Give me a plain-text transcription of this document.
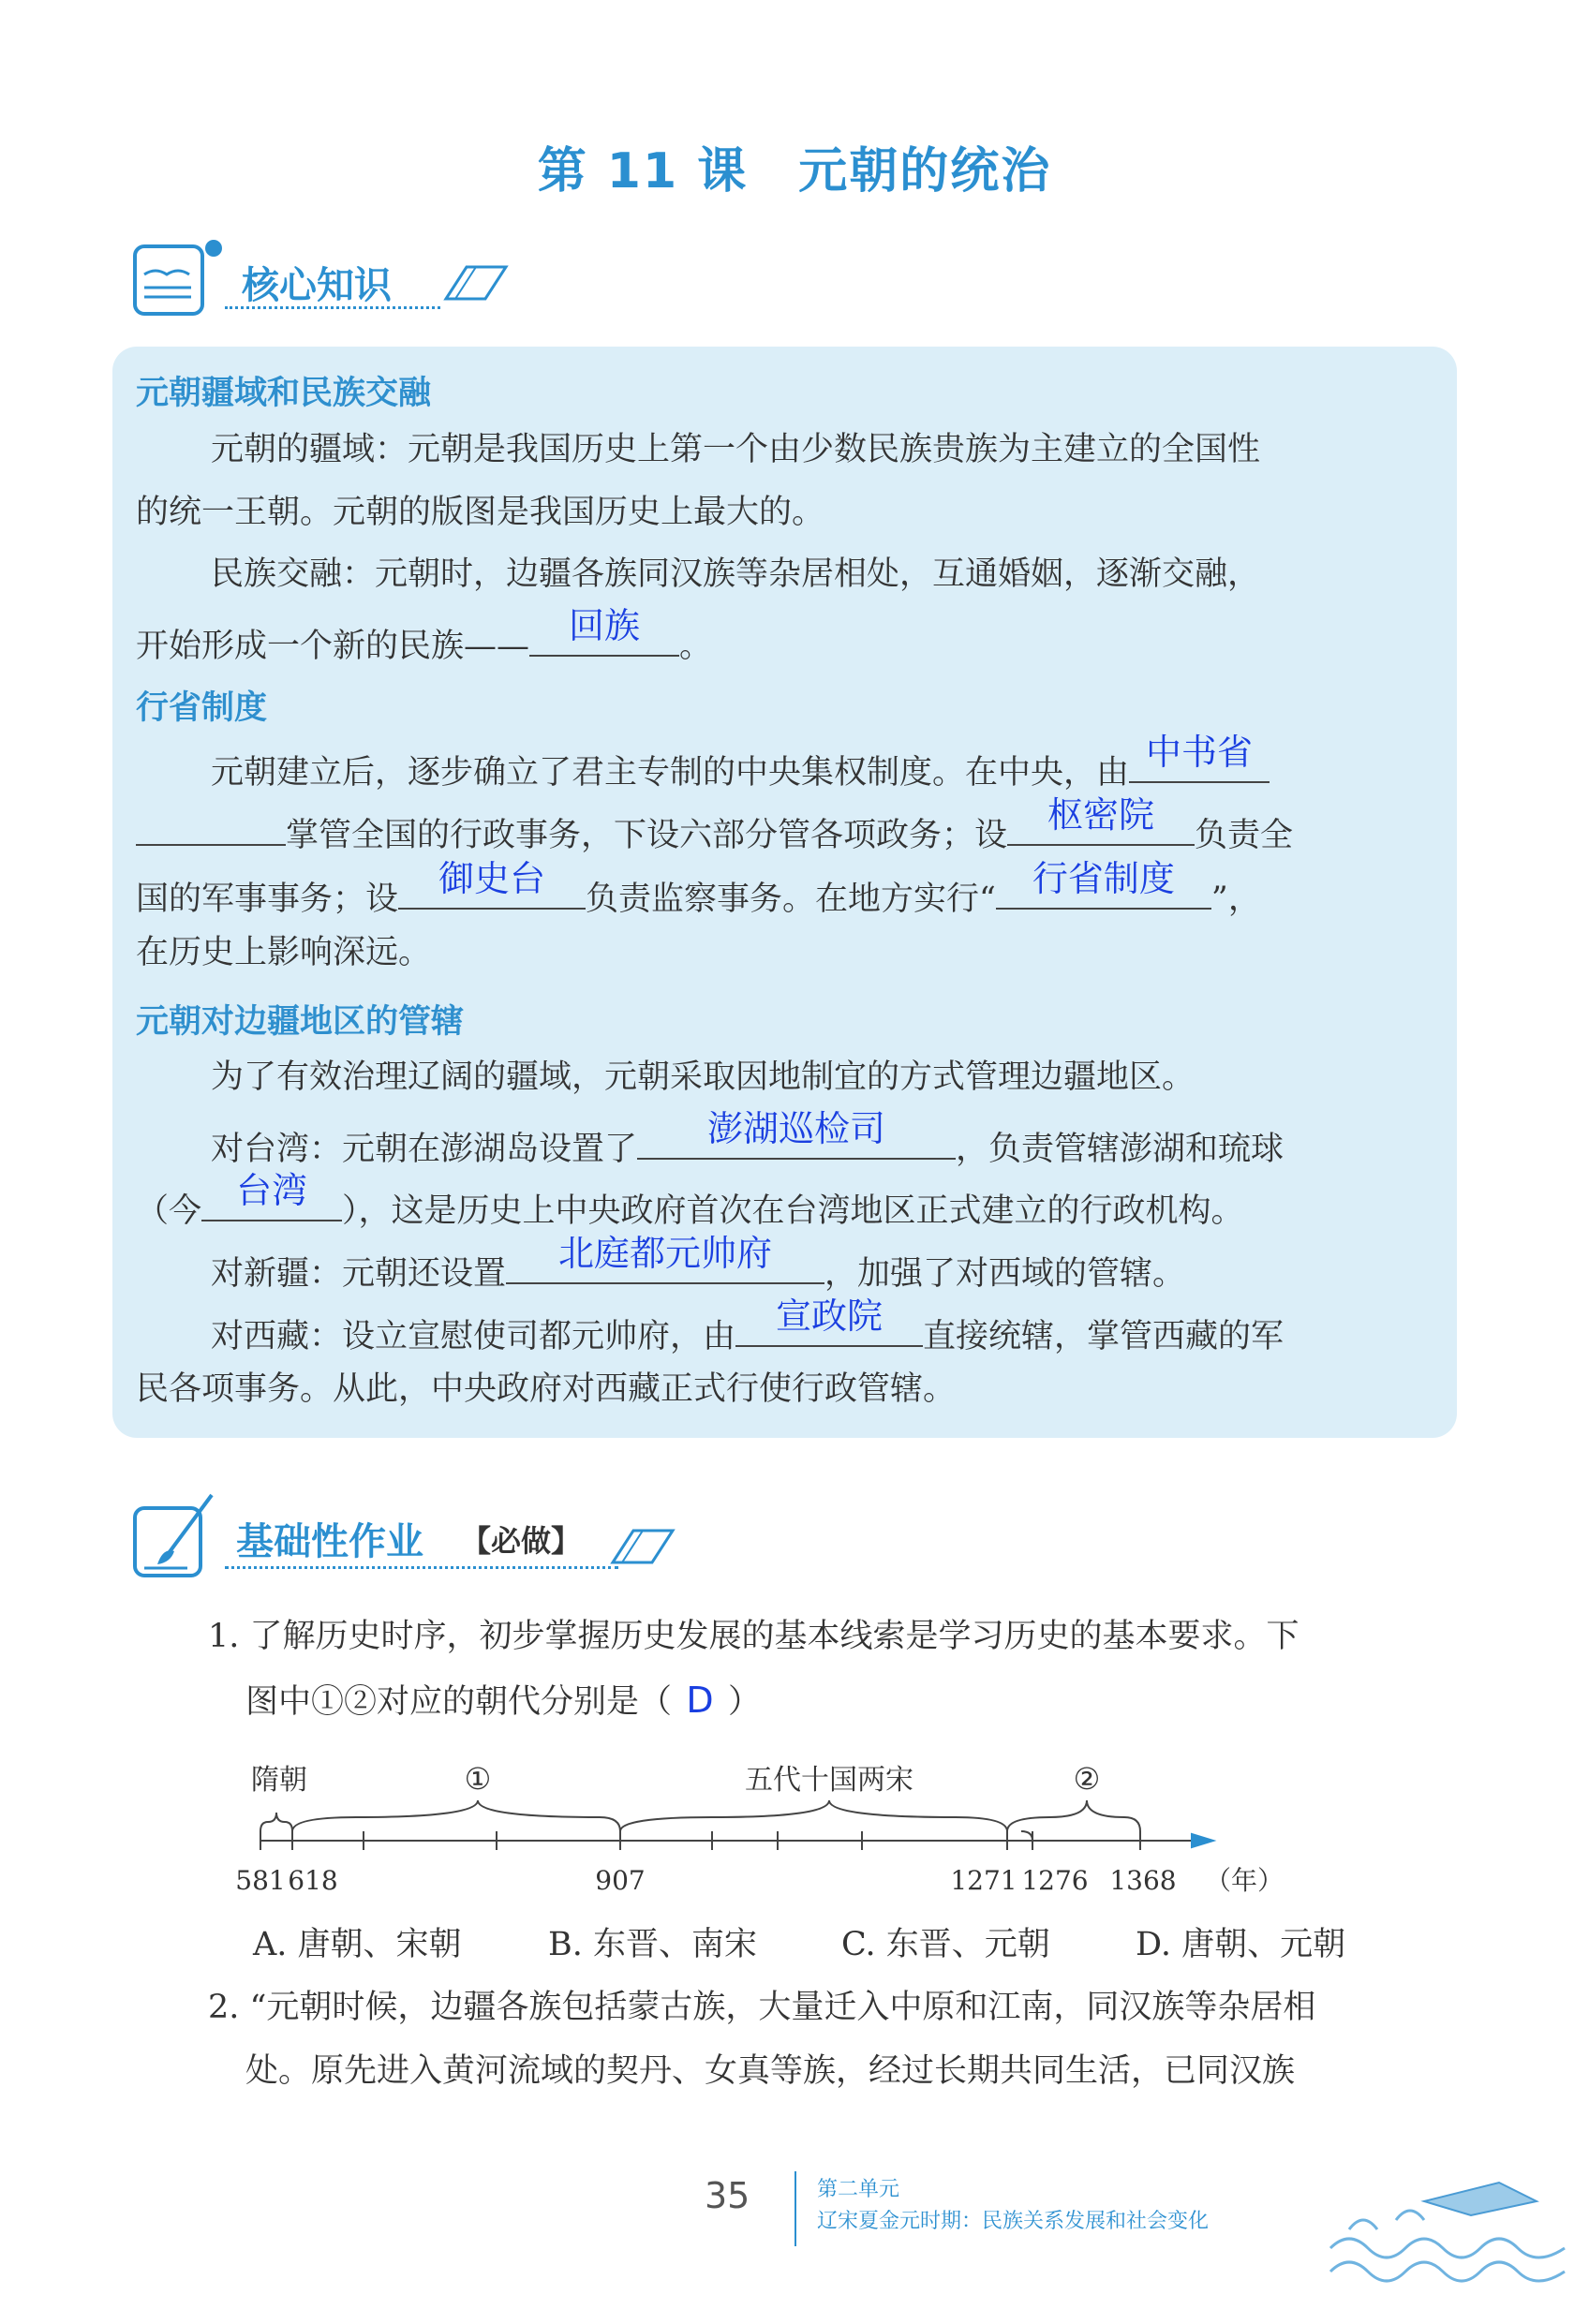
第 11 课　元朝的统治
核心知识
元朝疆域和民族交融
元朝的疆域：元朝是我国历史上第一个由少数民族贵族为主建立的全国性
的统一王朝。元朝的版图是我国历史上最大的。
民族交融：元朝时，边疆各族同汉族等杂居相处，互通婚姻，逐渐交融，
开始形成一个新的民族——	回族	。
行省制度
元朝建立后，逐步确立了君主专制的中央集权制度。在中央，由 中书省
掌管全国的行政事务，下设六部分管各项政务；设	枢密院	负责全
国的军事事务；设	御史台	负责监察事务。在地方实行“	行省制度	”，
在历史上影响深远。
元朝对边疆地区的管辖
为了有效治理辽阔的疆域，元朝采取因地制宜的方式管理边疆地区。
对台湾：元朝在澎湖岛设置了	澎湖巡检司	，负责管辖澎湖和琉球
（今 台湾	），这是历史上中央政府首次在台湾地区正式建立的行政机构。
对新疆：元朝还设置	北庭都元帅府	，加强了对西域的管辖。
对西藏：设立宣慰使司都元帅府，由	宣政院	直接统辖，掌管西藏的军
民各项事务。从此，中央政府对西藏正式行使行政管辖。
基础性作业 【必做】
1. 了解历史时序，初步掌握历史发展的基本线索是学习历史的基本要求。下
图中①②对应的朝代分别是（ D ）
隋朝	①	五代十国两宋	②
581 618	907	1271 1276 1368 （年）
A. 唐朝、宋朝	B. 东晋、南宋	C. 东晋、元朝	D. 唐朝、元朝
2. “元朝时候，边疆各族包括蒙古族，大量迁入中原和江南，同汉族等杂居相
处。原先进入黄河流域的契丹、女真等族，经过长期共同生活，已同汉族
35	第二单元
辽宋夏金元时期：民族关系发展和社会变化
